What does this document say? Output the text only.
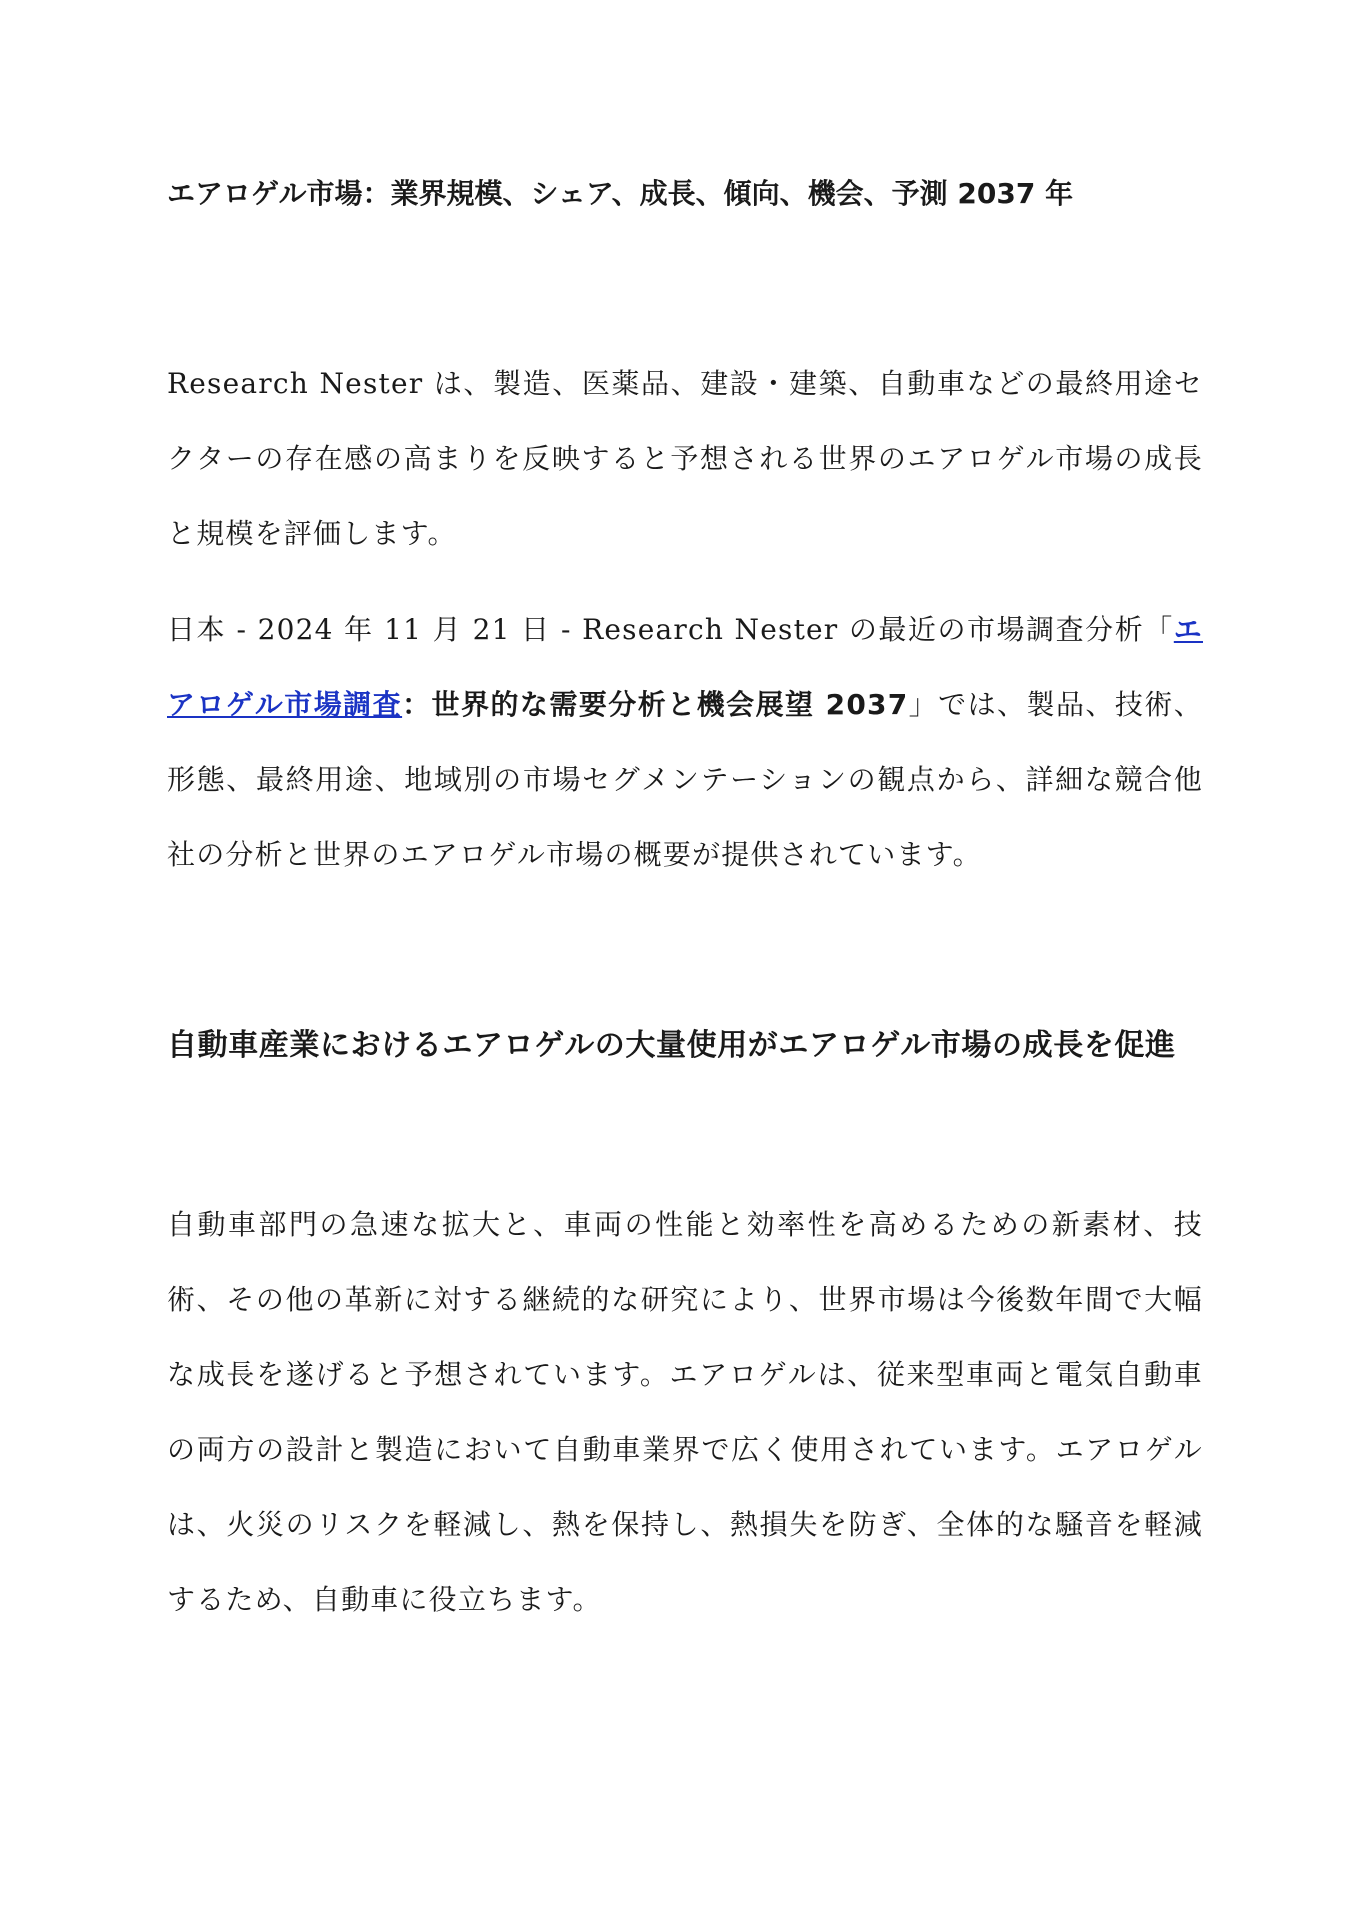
エアロゲル市場：業界規模、シェア、成長、傾向、機会、予測 2037 年

Research Nester は、製造、医薬品、建設・建築、自動車などの最終用途セクターの存在感の高まりを反映すると予想される世界のエアロゲル市場の成長と規模を評価します。

日本 - 2024 年 11 月 21 日 - Research Nester の最近の市場調査分析「エアロゲル市場調査：世界的な需要分析と機会展望 2037」では、製品、技術、形態、最終用途、地域別の市場セグメンテーションの観点から、詳細な競合他社の分析と世界のエアロゲル市場の概要が提供されています。

自動車産業におけるエアロゲルの大量使用がエアロゲル市場の成長を促進

自動車部門の急速な拡大と、車両の性能と効率性を高めるための新素材、技術、その他の革新に対する継続的な研究により、世界市場は今後数年間で大幅な成長を遂げると予想されています。エアロゲルは、従来型車両と電気自動車の両方の設計と製造において自動車業界で広く使用されています。エアロゲルは、火災のリスクを軽減し、熱を保持し、熱損失を防ぎ、全体的な騒音を軽減するため、自動車に役立ちます。
